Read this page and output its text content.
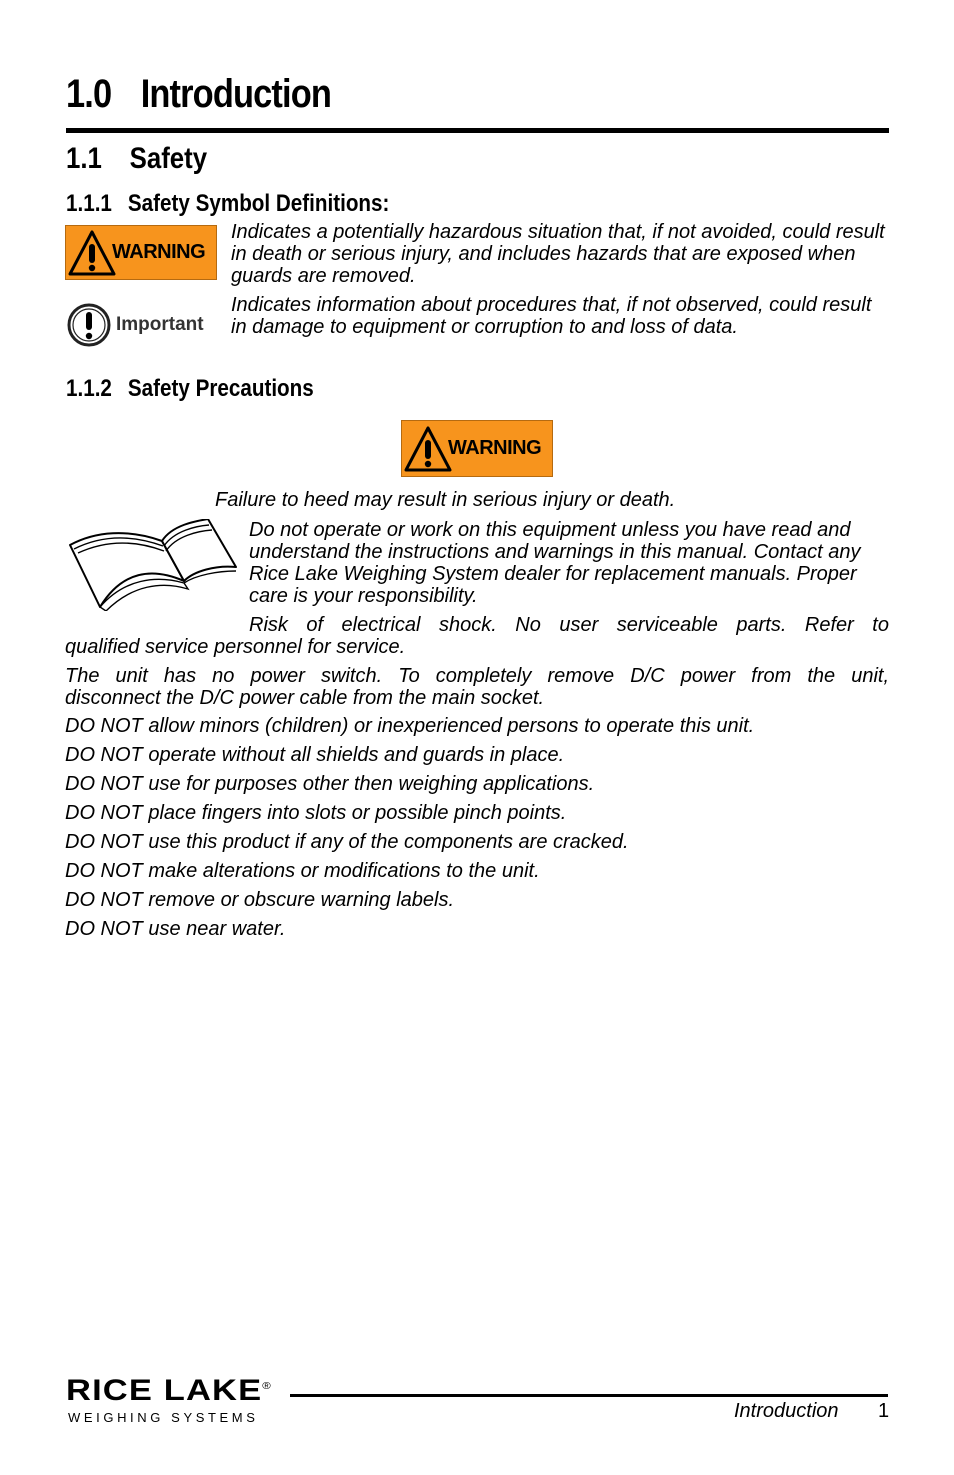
1.0 Introduction
1.1 Safety
1.1.1 Safety Symbol Definitions:
WARNING
Indicates a potentially hazardous situation that, if not avoided, could result in death or serious injury, and includes hazards that are exposed when guards are removed.
Important
Indicates information about procedures that, if not observed, could result in damage to equipment or corruption to and loss of data.
1.1.2 Safety Precautions
WARNING
Failure to heed may result in serious injury or death.
Do not operate or work on this equipment unless you have read and understand the instructions and warnings in this manual. Contact any Rice Lake Weighing System dealer for replacement manuals. Proper care is your responsibility.
Risk of electrical shock. No user serviceable parts. Refer to
qualified service personnel for service.
The unit has no power switch. To completely remove D/C power from the unit,
disconnect the D/C power cable from the main socket.
DO NOT allow minors (children) or inexperienced persons to operate this unit.
DO NOT operate without all shields and guards in place.
DO NOT use for purposes other then weighing applications.
DO NOT place fingers into slots or possible pinch points.
DO NOT use this product if any of the components are cracked.
DO NOT make alterations or modifications to the unit.
DO NOT remove or obscure warning labels.
DO NOT use near water.
RICE LAKE®
WEIGHING SYSTEMS	Introduction 1
